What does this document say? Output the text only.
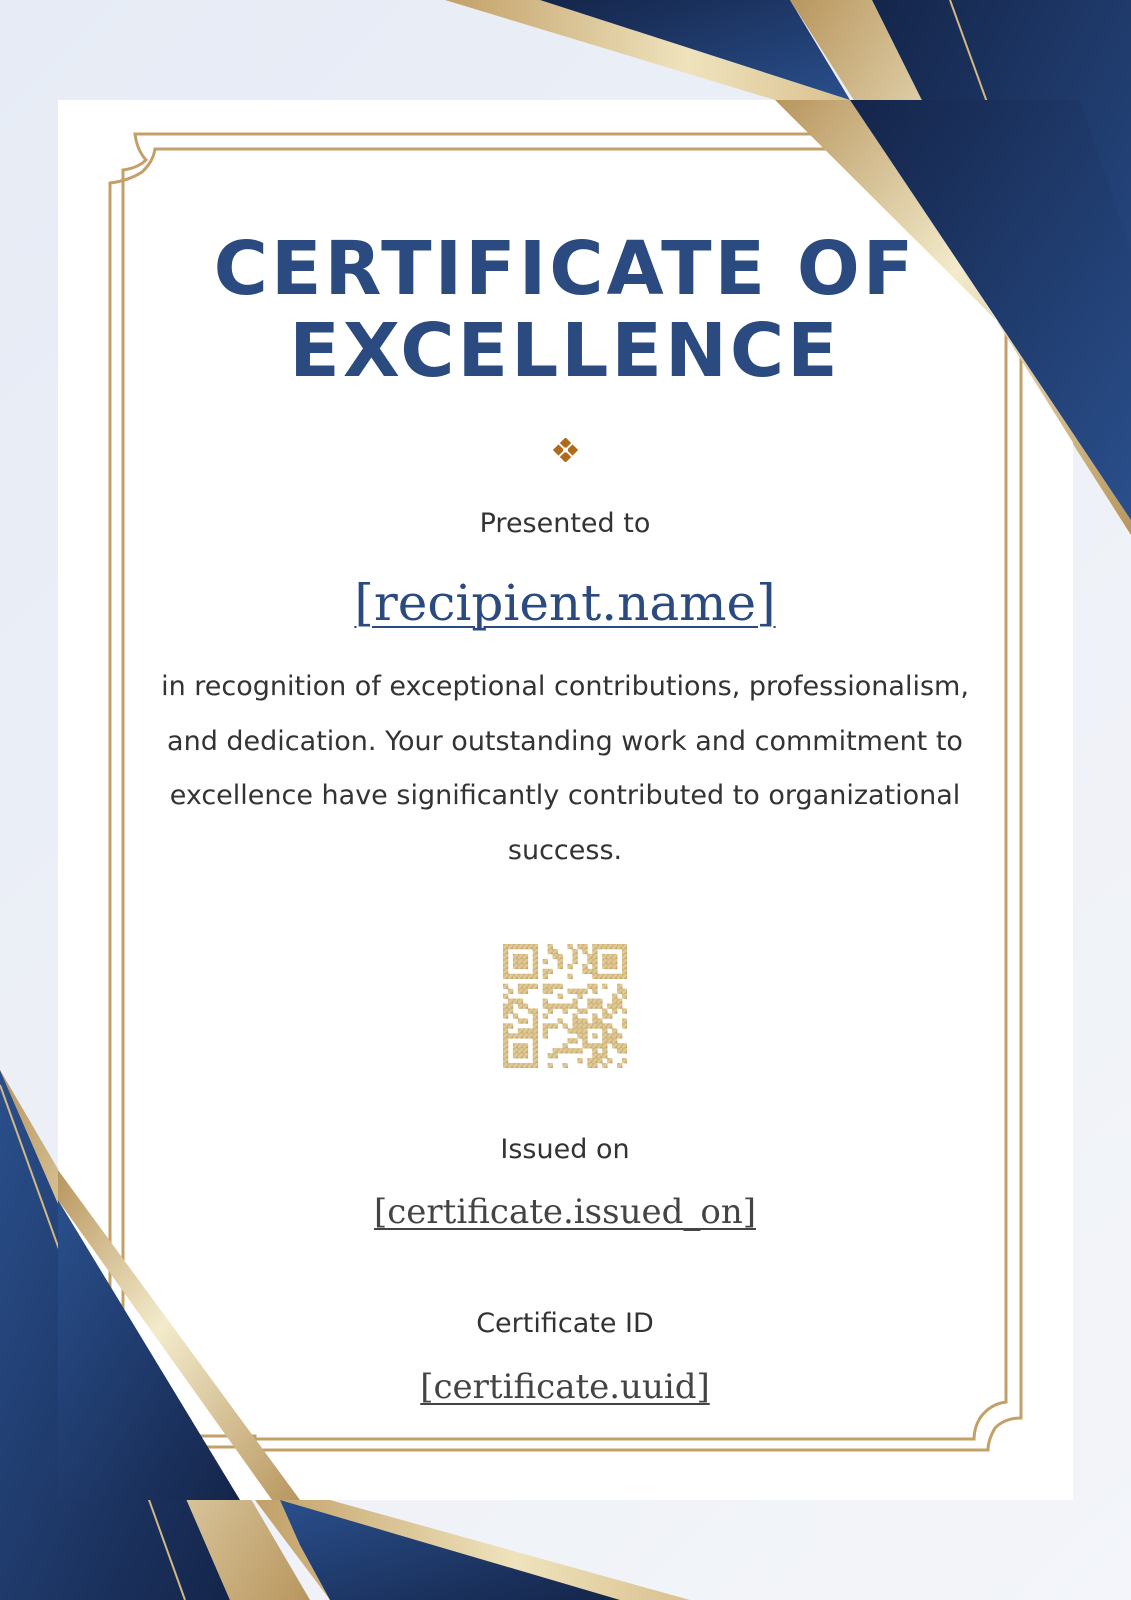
CERTIFICATE OF
EXCELLENCE
Presented to
[recipient.name]
in recognition of exceptional contributions, professionalism, and dedication. Your outstanding work and commitment to excellence have significantly contributed to organizational success.
Issued on
[certificate.issued_on]
Certificate ID
[certificate.uuid]
